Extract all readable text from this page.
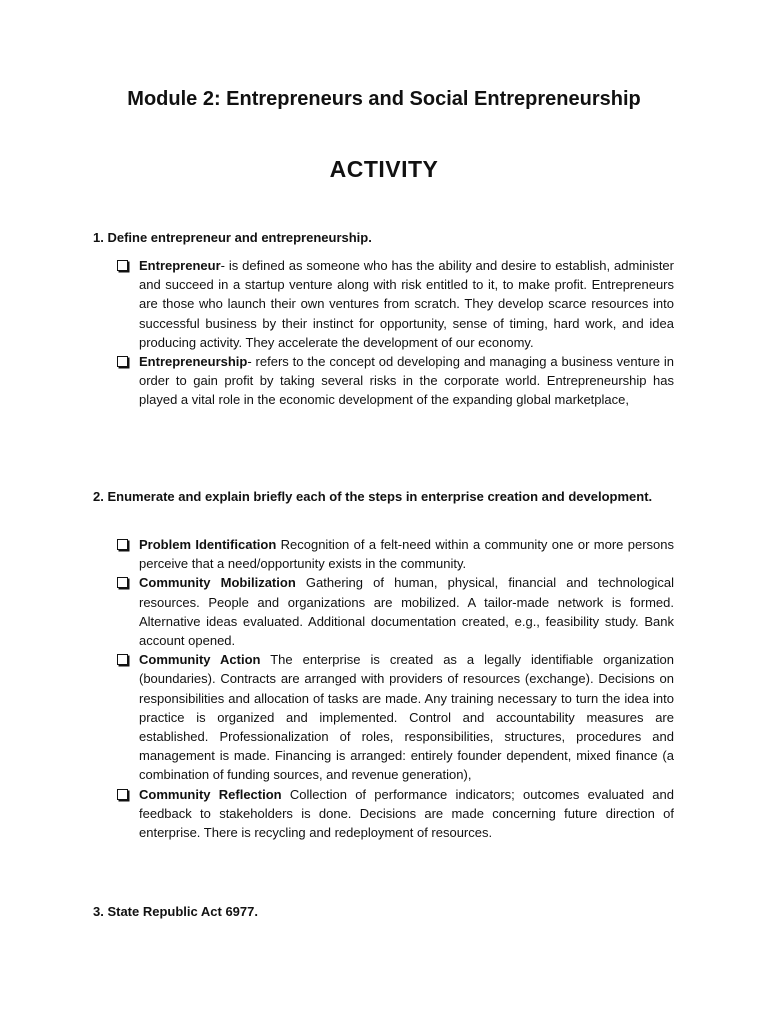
Module 2: Entrepreneurs and Social Entrepreneurship
ACTIVITY

1. Define entrepreneur and entrepreneurship.

Entrepreneur- is defined as someone who has the ability and desire to establish, administer and succeed in a startup venture along with risk entitled to it, to make profit. Entrepreneurs are those who launch their own ventures from scratch. They develop scarce resources into successful business by their instinct for opportunity, sense of timing, hard work, and idea producing activity. They accelerate the development of our economy.
Entrepreneurship- refers to the concept od developing and managing a business venture in order to gain profit by taking several risks in the corporate world. Entrepreneurship has played a vital role in the economic development of the expanding global marketplace,

2. Enumerate and explain briefly each of the steps in enterprise creation and development.

Problem Identification Recognition of a felt-need within a community one or more persons perceive that a need/opportunity exists in the community.
Community Mobilization Gathering of human, physical, financial and technological resources. People and organizations are mobilized. A tailor-made network is formed. Alternative ideas evaluated. Additional documentation created, e.g., feasibility study. Bank account opened.
Community Action The enterprise is created as a legally identifiable organization (boundaries). Contracts are arranged with providers of resources (exchange). Decisions on responsibilities and allocation of tasks are made. Any training necessary to turn the idea into practice is organized and implemented. Control and accountability measures are established. Professionalization of roles, responsibilities, structures, procedures and management is made. Financing is arranged: entirely founder dependent, mixed finance (a combination of funding sources, and revenue generation),
Community Reflection Collection of performance indicators; outcomes evaluated and feedback to stakeholders is done. Decisions are made concerning future direction of enterprise. There is recycling and redeployment of resources.

3. State Republic Act 6977.
